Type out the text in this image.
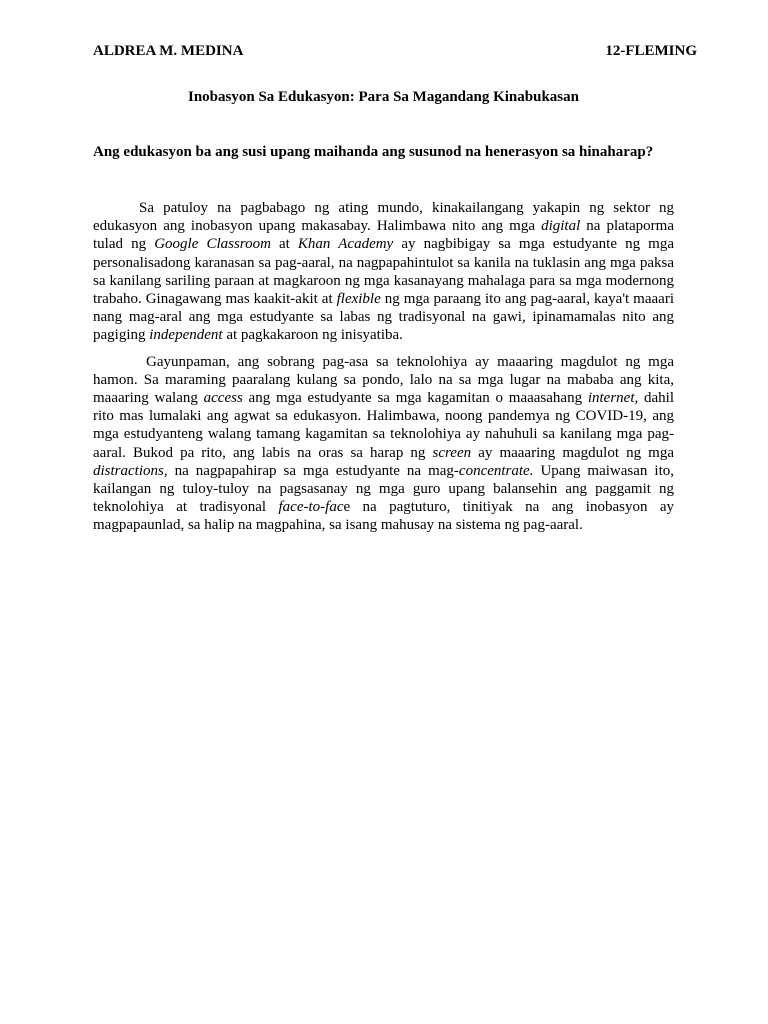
ALDREA M. MEDINA	12-FLEMING
Inobasyon Sa Edukasyon: Para Sa Magandang Kinabukasan
Ang edukasyon ba ang susi upang maihanda ang susunod na henerasyon sa hinaharap?

Sa patuloy na pagbabago ng ating mundo, kinakailangang yakapin ng sektor ng edukasyon ang inobasyon upang makasabay. Halimbawa nito ang mga digital na plataporma tulad ng Google Classroom at Khan Academy ay nagbibigay sa mga estudyante ng mga personalisadong karanasan sa pag-aaral, na nagpapahintulot sa kanila na tuklasin ang mga paksa sa kanilang sariling paraan at magkaroon ng mga kasanayang mahalaga para sa mga modernong trabaho. Ginagawang mas kaakit-akit at flexible ng mga paraang ito ang pag-aaral, kaya't maaari nang mag-aral ang mga estudyante sa labas ng tradisyonal na gawi, ipinamamalas nito ang pagiging independent at pagkakaroon ng inisyatiba.

Gayunpaman, ang sobrang pag-asa sa teknolohiya ay maaaring magdulot ng mga hamon. Sa maraming paaralang kulang sa pondo, lalo na sa mga lugar na mababa ang kita, maaaring walang access ang mga estudyante sa mga kagamitan o maaasahang internet, dahil rito mas lumalaki ang agwat sa edukasyon. Halimbawa, noong pandemya ng COVID-19, ang mga estudyanteng walang tamang kagamitan sa teknolohiya ay nahuhuli sa kanilang mga pag-aaral. Bukod pa rito, ang labis na oras sa harap ng screen ay maaaring magdulot ng mga distractions, na nagpapahirap sa mga estudyante na mag-concentrate. Upang maiwasan ito, kailangan ng tuloy-tuloy na pagsasanay ng mga guro upang balansehin ang paggamit ng teknolohiya at tradisyonal face-to-face na pagtuturo, tinitiyak na ang inobasyon ay magpapaunlad, sa halip na magpahina, sa isang mahusay na sistema ng pag-aaral.
